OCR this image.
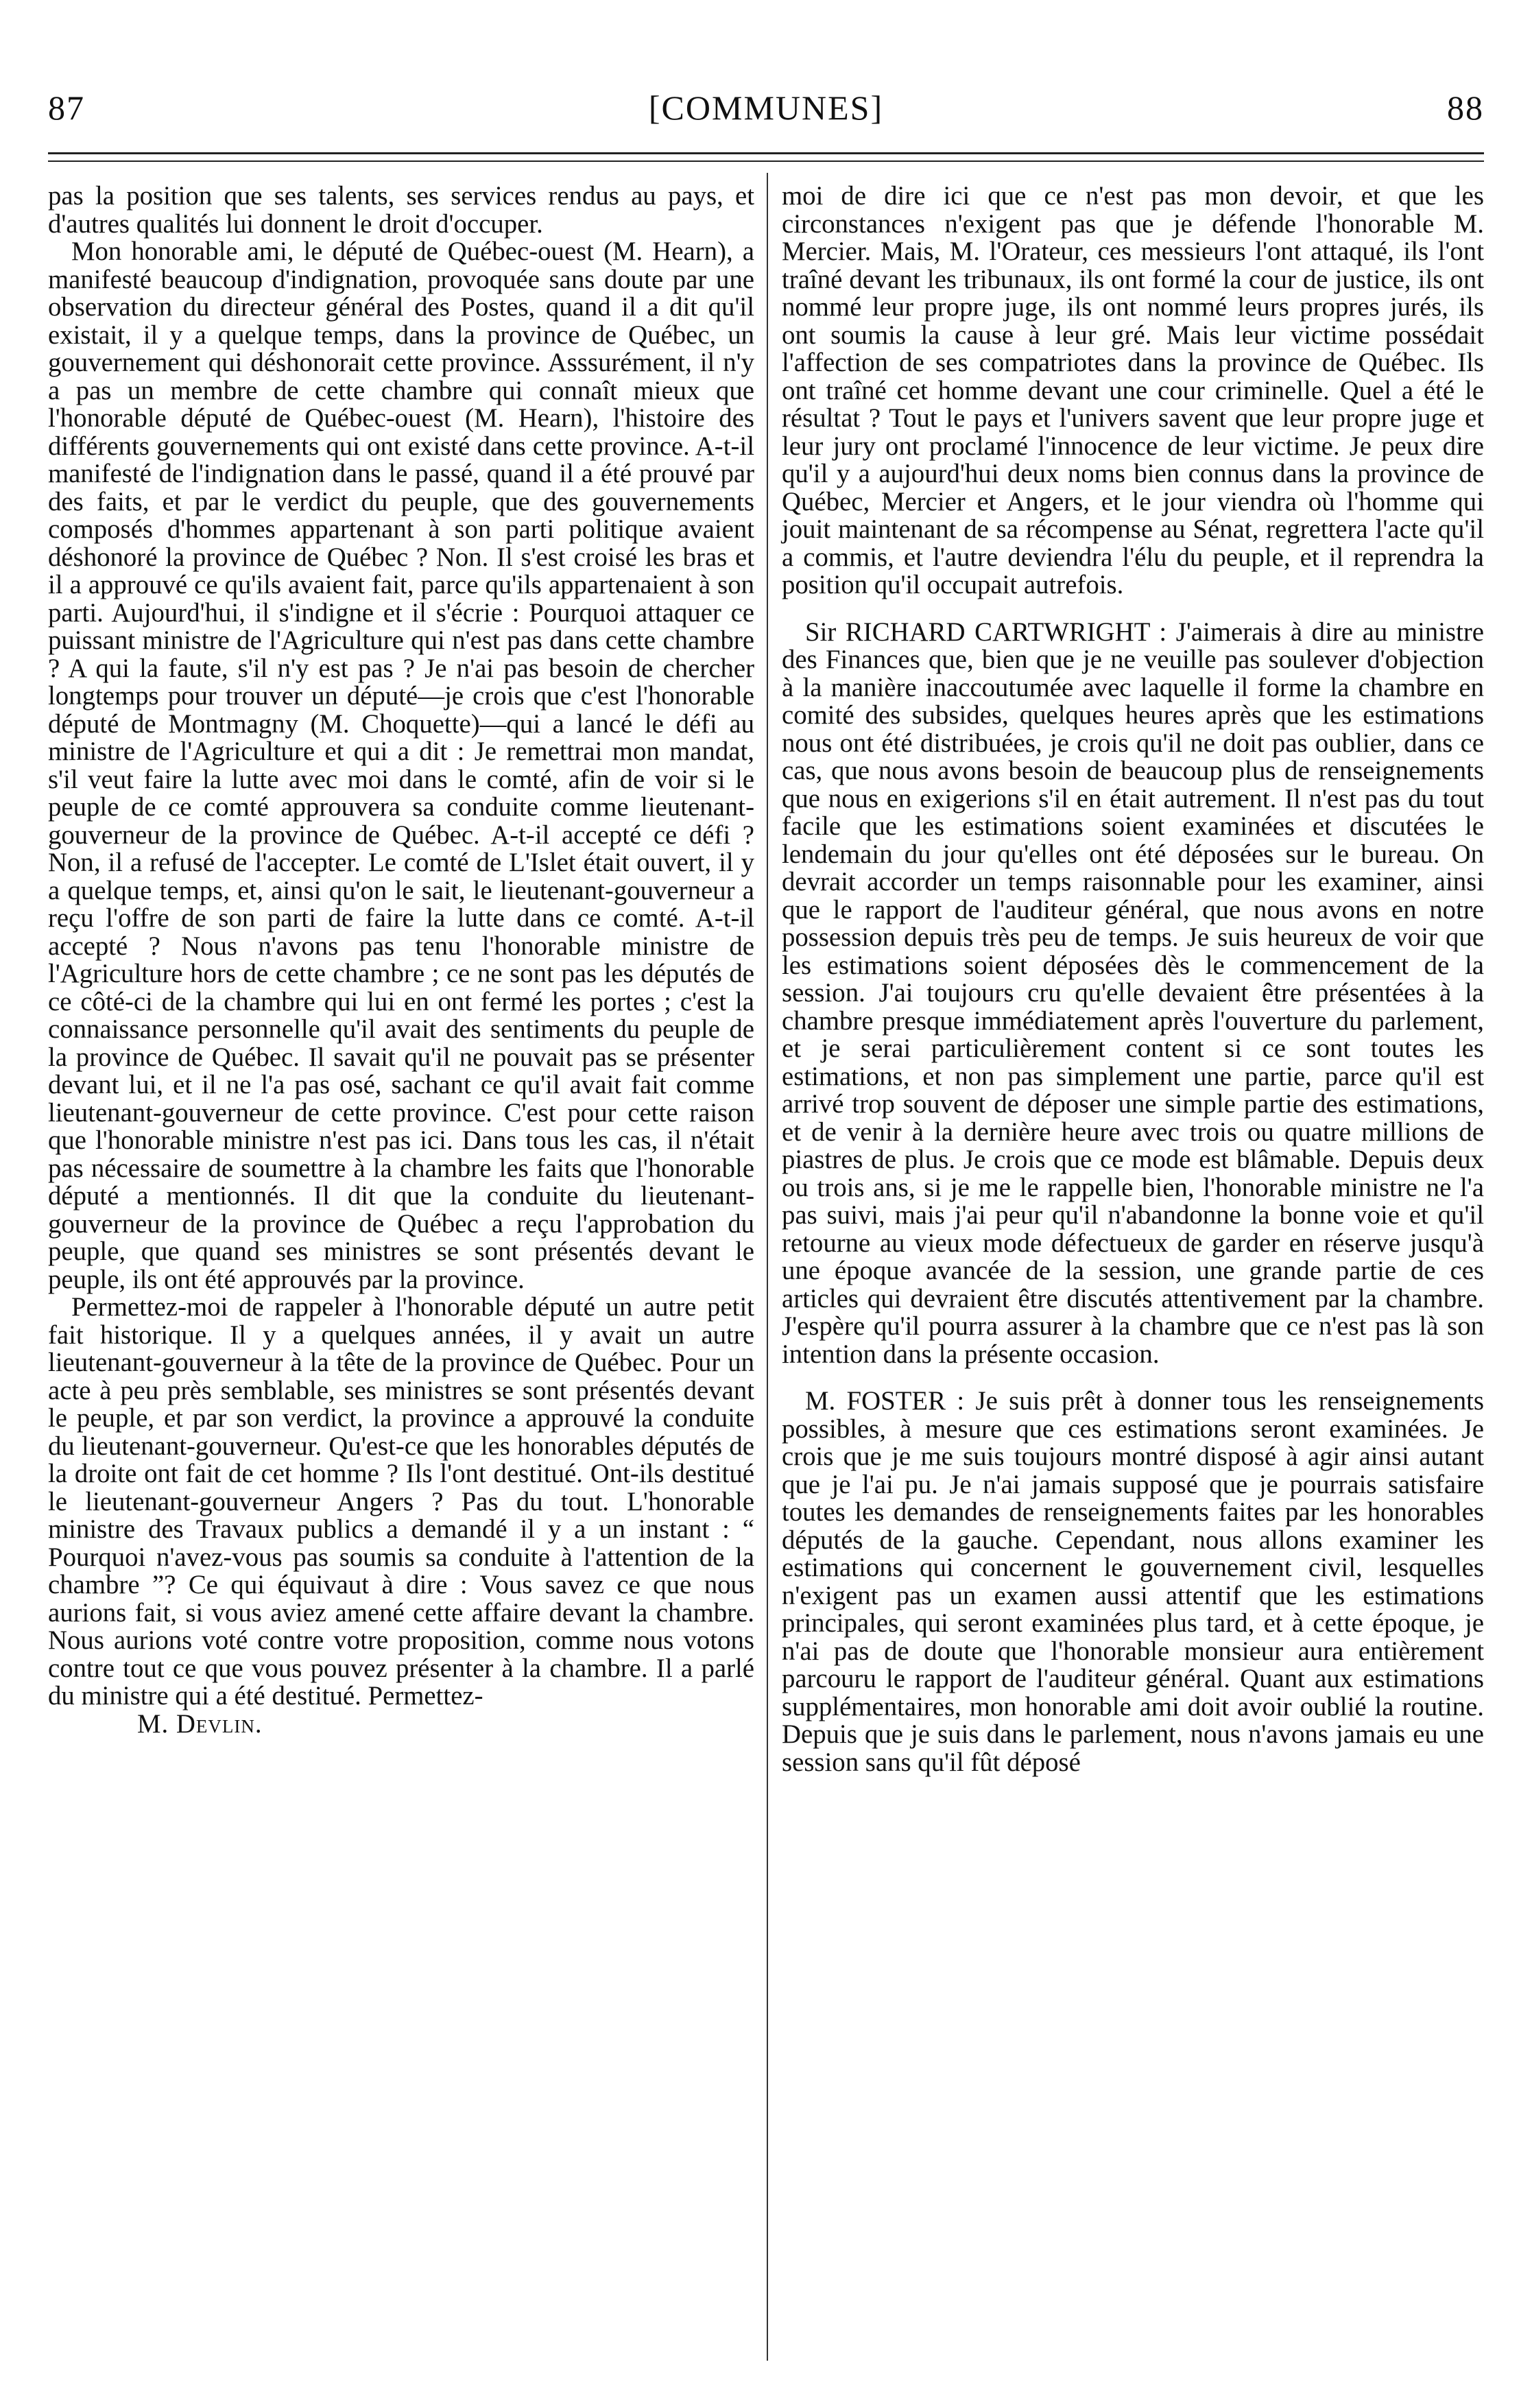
87	[COMMUNES]	88

pas la position que ses talents, ses services rendus au pays, et d'autres qualités lui donnent le droit d'occuper.

Mon honorable ami, le député de Québec-ouest (M. Hearn), a manifesté beaucoup d'indignation, provoquée sans doute par une observation du directeur général des Postes, quand il a dit qu'il existait, il y a quelque temps, dans la province de Québec, un gouvernement qui déshonorait cette province. Asssurément, il n'y a pas un membre de cette chambre qui connaît mieux que l'honorable député de Québec-ouest (M. Hearn), l'histoire des différents gouvernements qui ont existé dans cette province. A-t-il manifesté de l'indignation dans le passé, quand il a été prouvé par des faits, et par le verdict du peuple, que des gouvernements composés d'hommes appartenant à son parti politique avaient déshonoré la province de Québec ? Non. Il s'est croisé les bras et il a approuvé ce qu'ils avaient fait, parce qu'ils appartenaient à son parti. Aujourd'hui, il s'indigne et il s'écrie : Pourquoi attaquer ce puissant ministre de l'Agriculture qui n'est pas dans cette chambre ? A qui la faute, s'il n'y est pas ? Je n'ai pas besoin de chercher longtemps pour trouver un député—je crois que c'est l'honorable député de Montmagny (M. Choquette)—qui a lancé le défi au ministre de l'Agriculture et qui a dit : Je remettrai mon mandat, s'il veut faire la lutte avec moi dans le comté, afin de voir si le peuple de ce comté approuvera sa conduite comme lieutenant-gouverneur de la province de Québec. A-t-il accepté ce défi ? Non, il a refusé de l'accepter. Le comté de L'Islet était ouvert, il y a quelque temps, et, ainsi qu'on le sait, le lieutenant-gouverneur a reçu l'offre de son parti de faire la lutte dans ce comté. A-t-il accepté ? Nous n'avons pas tenu l'honorable ministre de l'Agriculture hors de cette chambre ; ce ne sont pas les députés de ce côté-ci de la chambre qui lui en ont fermé les portes ; c'est la connaissance personnelle qu'il avait des sentiments du peuple de la province de Québec. Il savait qu'il ne pouvait pas se présenter devant lui, et il ne l'a pas osé, sachant ce qu'il avait fait comme lieutenant-gouverneur de cette province. C'est pour cette raison que l'honorable ministre n'est pas ici. Dans tous les cas, il n'était pas nécessaire de soumettre à la chambre les faits que l'honorable député a mentionnés. Il dit que la conduite du lieutenant-gouverneur de la province de Québec a reçu l'approbation du peuple, que quand ses ministres se sont présentés devant le peuple, ils ont été approuvés par la province.

Permettez-moi de rappeler à l'honorable député un autre petit fait historique. Il y a quelques années, il y avait un autre lieutenant-gouverneur à la tête de la province de Québec. Pour un acte à peu près semblable, ses ministres se sont présentés devant le peuple, et par son verdict, la province a approuvé la conduite du lieutenant-gouverneur. Qu'est-ce que les honorables députés de la droite ont fait de cet homme ? Ils l'ont destitué. Ont-ils destitué le lieutenant-gouverneur Angers ? Pas du tout. L'honorable ministre des Travaux publics a demandé il y a un instant : “ Pourquoi n'avez-vous pas soumis sa conduite à l'attention de la chambre ”? Ce qui équivaut à dire : Vous savez ce que nous aurions fait, si vous aviez amené cette affaire devant la chambre. Nous aurions voté contre votre proposition, comme nous votons contre tout ce que vous pouvez présenter à la chambre. Il a parlé du ministre qui a été destitué. Permettez-

M. Devlin.

moi de dire ici que ce n'est pas mon devoir, et que les circonstances n'exigent pas que je défende l'honorable M. Mercier. Mais, M. l'Orateur, ces messieurs l'ont attaqué, ils l'ont traîné devant les tribunaux, ils ont formé la cour de justice, ils ont nommé leur propre juge, ils ont nommé leurs propres jurés, ils ont soumis la cause à leur gré. Mais leur victime possédait l'affection de ses compatriotes dans la province de Québec. Ils ont traîné cet homme devant une cour criminelle. Quel a été le résultat ? Tout le pays et l'univers savent que leur propre juge et leur jury ont proclamé l'innocence de leur victime. Je peux dire qu'il y a aujourd'hui deux noms bien connus dans la province de Québec, Mercier et Angers, et le jour viendra où l'homme qui jouit maintenant de sa récompense au Sénat, regrettera l'acte qu'il a commis, et l'autre deviendra l'élu du peuple, et il reprendra la position qu'il occupait autrefois.

Sir RICHARD CARTWRIGHT : J'aimerais à dire au ministre des Finances que, bien que je ne veuille pas soulever d'objection à la manière inaccoutumée avec laquelle il forme la chambre en comité des subsides, quelques heures après que les estimations nous ont été distribuées, je crois qu'il ne doit pas oublier, dans ce cas, que nous avons besoin de beaucoup plus de renseignements que nous en exigerions s'il en était autrement. Il n'est pas du tout facile que les estimations soient examinées et discutées le lendemain du jour qu'elles ont été déposées sur le bureau. On devrait accorder un temps raisonnable pour les examiner, ainsi que le rapport de l'auditeur général, que nous avons en notre possession depuis très peu de temps. Je suis heureux de voir que les estimations soient déposées dès le commencement de la session. J'ai toujours cru qu'elle devaient être présentées à la chambre presque immédiatement après l'ouverture du parlement, et je serai particulièrement content si ce sont toutes les estimations, et non pas simplement une partie, parce qu'il est arrivé trop souvent de déposer une simple partie des estimations, et de venir à la dernière heure avec trois ou quatre millions de piastres de plus. Je crois que ce mode est blâmable. Depuis deux ou trois ans, si je me le rappelle bien, l'honorable ministre ne l'a pas suivi, mais j'ai peur qu'il n'abandonne la bonne voie et qu'il retourne au vieux mode défectueux de garder en réserve jusqu'à une époque avancée de la session, une grande partie de ces articles qui devraient être discutés attentivement par la chambre. J'espère qu'il pourra assurer à la chambre que ce n'est pas là son intention dans la présente occasion.

M. FOSTER : Je suis prêt à donner tous les renseignements possibles, à mesure que ces estimations seront examinées. Je crois que je me suis toujours montré disposé à agir ainsi autant que je l'ai pu. Je n'ai jamais supposé que je pourrais satisfaire toutes les demandes de renseignements faites par les honorables députés de la gauche. Cependant, nous allons examiner les estimations qui concernent le gouvernement civil, lesquelles n'exigent pas un examen aussi attentif que les estimations principales, qui seront examinées plus tard, et à cette époque, je n'ai pas de doute que l'honorable monsieur aura entièrement parcouru le rapport de l'auditeur général. Quant aux estimations supplémentaires, mon honorable ami doit avoir oublié la routine. Depuis que je suis dans le parlement, nous n'avons jamais eu une session sans qu'il fût déposé
